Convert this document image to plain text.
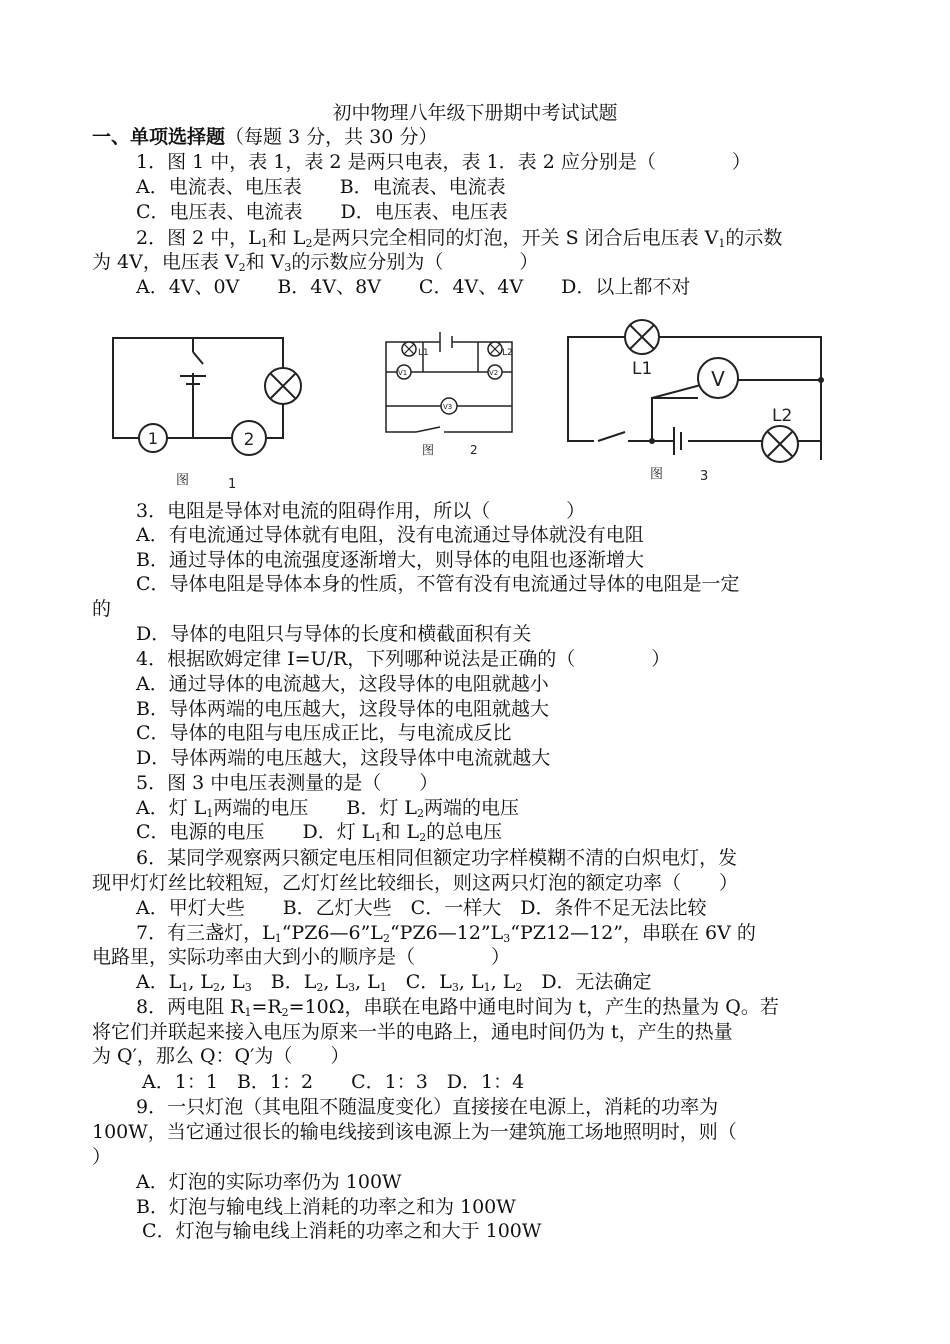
初中物理八年级下册期中考试试题
一、单项选择题（每题 3 分，共 30 分）
1．图 1 中，表 1，表 2 是两只电表，表 1．表 2 应分别是（　　　　）
A．电流表、电压表　　B．电流表、电流表
C．电压表、电流表　　D．电压表、电压表
2．图 2 中，$L_1$和 $L_2$是两只完全相同的灯泡，开关 S 闭合后电压表 $V_1$的示数
为 4V，电压表 $V_2$和 $V_3$的示数应分别为（　　　　）
A．4V、0V　　B．4V、8V　　C．4V、4V　　D．以上都不对
3．电阻是导体对电流的阻碍作用，所以（　　　　）
A．有电流通过导体就有电阻，没有电流通过导体就没有电阻
B．通过导体的电流强度逐渐增大，则导体的电阻也逐渐增大
C．导体电阻是导体本身的性质，不管有没有电流通过导体的电阻是一定
的
D．导体的电阻只与导体的长度和横截面积有关
4．根据欧姆定律 I=U/R，下列哪种说法是正确的（　　　　）
A．通过导体的电流越大，这段导体的电阻就越小
B．导体两端的电压越大，这段导体的电阻就越大
C．导体的电阻与电压成正比，与电流成反比
D．导体两端的电压越大，这段导体中电流就越大
5．图 3 中电压表测量的是（　　）
A．灯 $L_1$两端的电压　　B．灯 $L_2$两端的电压
C．电源的电压　　D．灯 $L_1$和 $L_2$的总电压
6．某同学观察两只额定电压相同但额定功字样模糊不清的白炽电灯，发
现甲灯灯丝比较粗短，乙灯灯丝比较细长，则这两只灯泡的额定功率（　　）
A．甲灯大些　　B．乙灯大些　C．一样大　D．条件不足无法比较
7．有三盏灯，$L_1“PZ6—6”L_2“PZ6—12”L_3“PZ12—12$”，串联在 6V 的
电路里，实际功率由大到小的顺序是（　　　　）
A．$L_1$, $L_2$, $L_3$　B．$L_2$, $L_3$, $L_1$　C．$L_3$, $L_1$, $L_2$　D．无法确定
8．两电阻 $R_1=R_2=10\Omega$，串联在电路中通电时间为 t，产生的热量为 Q。若
将它们并联起来接入电压为原来一半的电路上，通电时间仍为 t，产生的热量
为 Q′，那么 Q：Q′为（　　）
A．1：1　B．1：2　　C．1：3　D．1：4
9．一只灯泡（其电阻不随温度变化）直接接在电源上，消耗的功率为
100W，当它通过很长的输电线接到该电源上为一建筑施工场地照明时，则（
）
A．灯泡的实际功率仍为 100W
B．灯泡与输电线上消耗的功率之和为 100W
C．灯泡与输电线上消耗的功率之和大于 100W
1	2
图	1
L1	L2
V1	V2
V3
图	2
V
L1
L2
图	3
